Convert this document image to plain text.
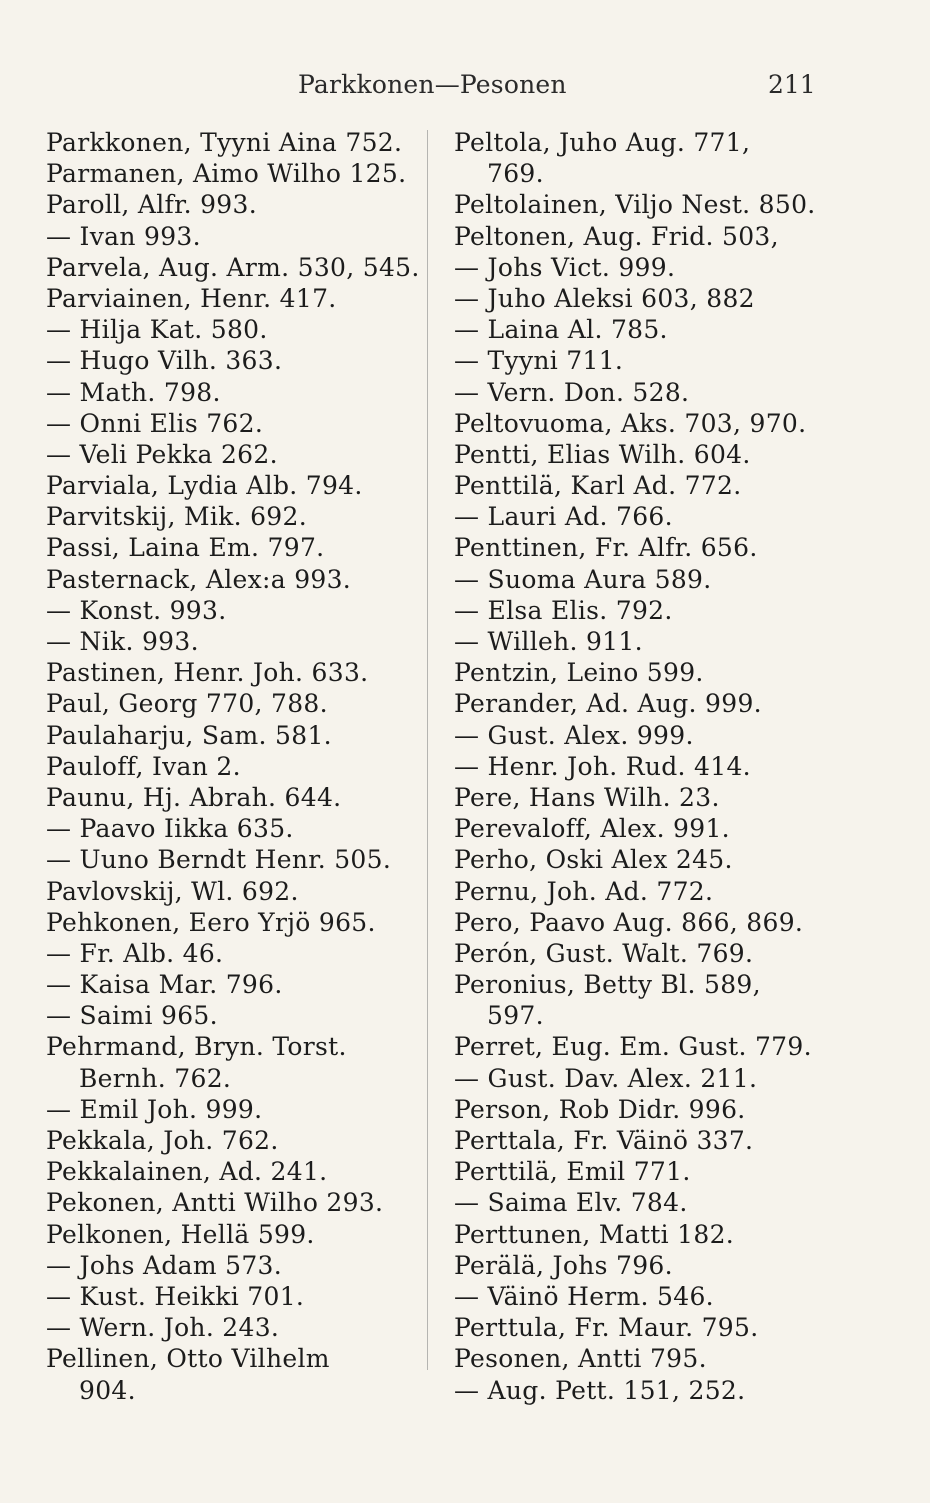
Parkkonen—Pesonen	211
Parkkonen, Tyyni Aina 752.
Parmanen, Aimo Wilho 125.
Paroll, Alfr. 993.
— Ivan 993.
Parvela, Aug. Arm. 530, 545.
Parviainen, Henr. 417.
— Hilja Kat. 580.
— Hugo Vilh. 363.
— Math. 798.
— Onni Elis 762.
— Veli Pekka 262.
Parviala, Lydia Alb. 794.
Parvitskij, Mik. 692.
Passi, Laina Em. 797.
Pasternack, Alex:a 993.
— Konst. 993.
— Nik. 993.
Pastinen, Henr. Joh. 633.
Paul, Georg 770, 788.
Paulaharju, Sam. 581.
Pauloff, Ivan 2.
Paunu, Hj. Abrah. 644.
— Paavo Iikka 635.
— Uuno Berndt Henr. 505.
Pavlovskij, Wl. 692.
Pehkonen, Eero Yrjö 965.
— Fr. Alb. 46.
— Kaisa Mar. 796.
— Saimi 965.
Pehrmand, Bryn. Torst.
Bernh. 762.
— Emil Joh. 999.
Pekkala, Joh. 762.
Pekkalainen, Ad. 241.
Pekonen, Antti Wilho 293.
Pelkonen, Hellä 599.
— Johs Adam 573.
— Kust. Heikki 701.
— Wern. Joh. 243.
Pellinen, Otto Vilhelm
904.
Peltola, Juho Aug. 771,
769.
Peltolainen, Viljo Nest. 850.
Peltonen, Aug. Frid. 503,
— Johs Vict. 999.
— Juho Aleksi 603, 882
— Laina Al. 785.
— Tyyni 711.
— Vern. Don. 528.
Peltovuoma, Aks. 703, 970.
Pentti, Elias Wilh. 604.
Penttilä, Karl Ad. 772.
— Lauri Ad. 766.
Penttinen, Fr. Alfr. 656.
— Suoma Aura 589.
— Elsa Elis. 792.
— Willeh. 911.
Pentzin, Leino 599.
Perander, Ad. Aug. 999.
— Gust. Alex. 999.
— Henr. Joh. Rud. 414.
Pere, Hans Wilh. 23.
Perevaloff, Alex. 991.
Perho, Oski Alex 245.
Pernu, Joh. Ad. 772.
Pero, Paavo Aug. 866, 869.
Perón, Gust. Walt. 769.
Peronius, Betty Bl. 589,
597.
Perret, Eug. Em. Gust. 779.
— Gust. Dav. Alex. 211.
Person, Rob Didr. 996.
Perttala, Fr. Väinö 337.
Perttilä, Emil 771.
— Saima Elv. 784.
Perttunen, Matti 182.
Perälä, Johs 796.
— Väinö Herm. 546.
Perttula, Fr. Maur. 795.
Pesonen, Antti 795.
— Aug. Pett. 151, 252.
